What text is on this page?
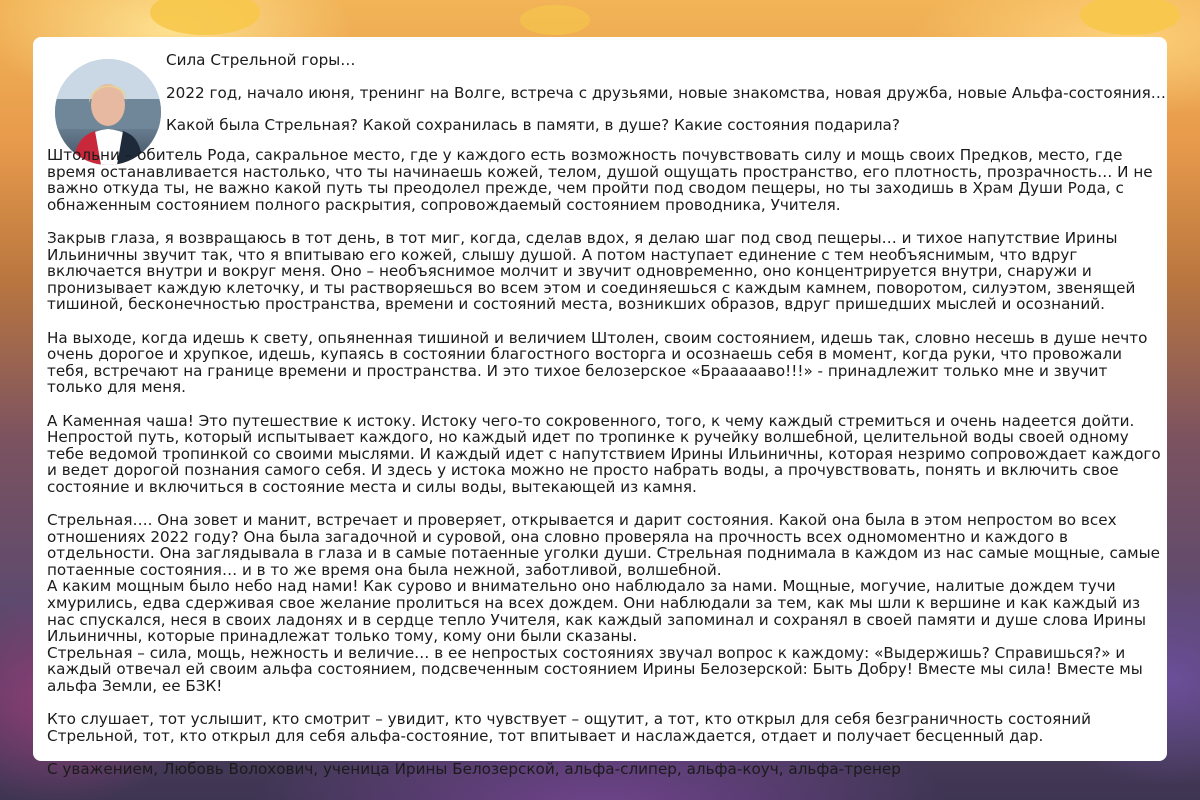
Сила Стрельной горы…
2022 год, начало июня, тренинг на Волге, встреча с друзьями, новые знакомства, новая дружба, новые Альфа-состояния…
Какой была Стрельная? Какой сохранилась в памяти, в душе? Какие состояния подарила?

Штольни – обитель Рода, сакральное место, где у каждого есть возможность почувствовать силу и мощь своих Предков, место, где время останавливается настолько, что ты начинаешь кожей, телом, душой ощущать пространство, его плотность, прозрачность… И не важно откуда ты, не важно какой путь ты преодолел прежде, чем пройти под сводом пещеры, но ты заходишь в Храм Души Рода, с обнаженным состоянием полного раскрытия, сопровождаемый состоянием проводника, Учителя.

Закрыв глаза, я возвращаюсь в тот день, в тот миг, когда, сделав вдох, я делаю шаг под свод пещеры… и тихое напутствие Ирины Ильиничны звучит так, что я впитываю его кожей, слышу душой. А потом наступает единение с тем необъяснимым, что вдруг включается внутри и вокруг меня. Оно – необъяснимое молчит и звучит одновременно, оно концентрируется внутри, снаружи и пронизывает каждую клеточку, и ты растворяешься во всем этом и соединяешься с каждым камнем, поворотом, силуэтом, звенящей тишиной, бесконечностью пространства, времени и состояний места, возникших образов, вдруг пришедших мыслей и осознаний.

На выходе, когда идешь к свету, опьяненная тишиной и величием Штолен, своим состоянием, идешь так, словно несешь в душе нечто очень дорогое и хрупкое, идешь, купаясь в состоянии благостного восторга и осознаешь себя в момент, когда руки, что провожали тебя, встречают на границе времени и пространства. И это тихое белозерское «Браааааво!!!» - принадлежит только мне и звучит только для меня.

А Каменная чаша! Это путешествие к истоку. Истоку чего-то сокровенного, того, к чему каждый стремиться и очень надеется дойти. Непростой путь, который испытывает каждого, но каждый идет по тропинке к ручейку волшебной, целительной воды своей одному тебе ведомой тропинкой со своими мыслями. И каждый идет с напутствием Ирины Ильиничны, которая незримо сопровождает каждого и ведет дорогой познания самого себя. И здесь у истока можно не просто набрать воды, а прочувствовать, понять и включить свое состояние и включиться в состояние места и силы воды, вытекающей из камня.

Стрельная…. Она зовет и манит, встречает и проверяет, открывается и дарит состояния. Какой она была в этом непростом во всех отношениях 2022 году? Она была загадочной и суровой, она словно проверяла на прочность всех одномоментно и каждого в отдельности. Она заглядывала в глаза и в самые потаенные уголки души. Стрельная поднимала в каждом из нас самые мощные, самые потаенные состояния… и в то же время она была нежной, заботливой, волшебной.

А каким мощным было небо над нами! Как сурово и внимательно оно наблюдало за нами. Мощные, могучие, налитые дождем тучи хмурились, едва сдерживая свое желание пролиться на всех дождем. Они наблюдали за тем, как мы шли к вершине и как каждый из нас спускался, неся в своих ладонях и в сердце тепло Учителя, как каждый запоминал и сохранял в своей памяти и душе слова Ирины Ильиничны, которые принадлежат только тому, кому они были сказаны.

Стрельная – сила, мощь, нежность и величие… в ее непростых состояниях звучал вопрос к каждому: «Выдержишь? Справишься?» и каждый отвечал ей своим альфа состоянием, подсвеченным состоянием Ирины Белозерской: Быть Добру! Вместе мы сила! Вместе мы альфа Земли, ее БЗК!

Кто слушает, тот услышит, кто смотрит – увидит, кто чувствует – ощутит, а тот, кто открыл для себя безграничность состояний Стрельной, тот, кто открыл для себя альфа-состояние, тот впитывает и наслаждается, отдает и получает бесценный дар.

С уважением, Любовь Волохович, ученица Ирины Белозерской, альфа-слипер, альфа-коуч, альфа-тренер
